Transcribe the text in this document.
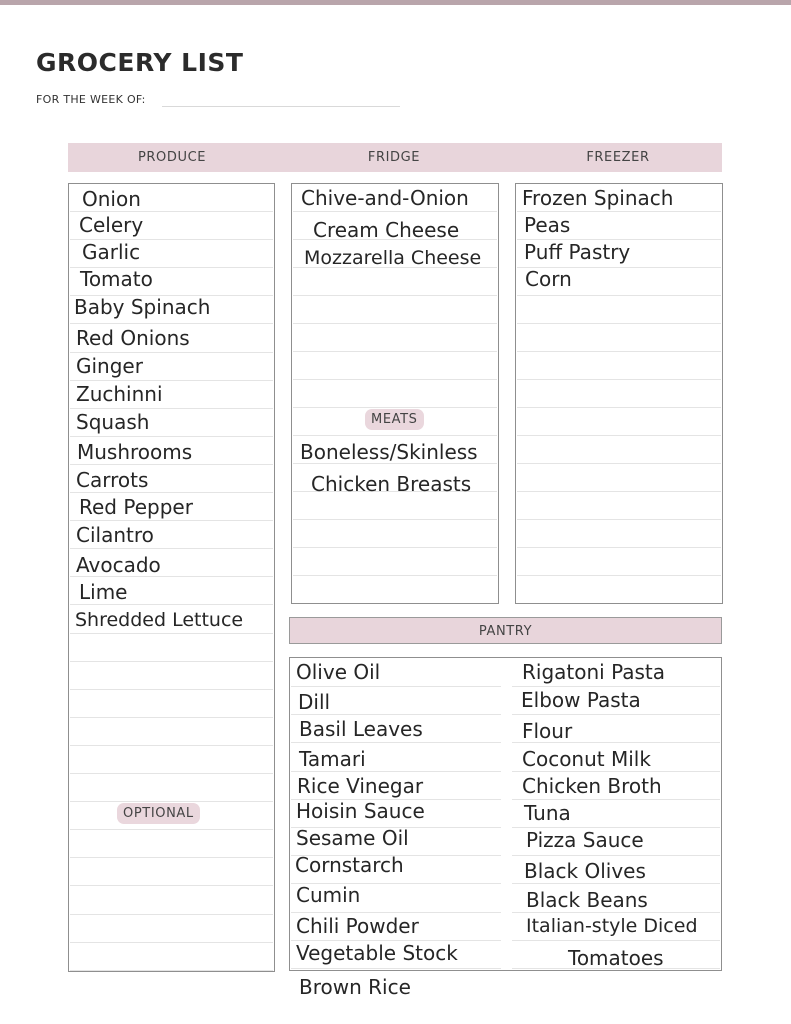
GROCERY LIST
FOR THE WEEK OF:
PRODUCE	FRIDGE	FREEZER
PANTRY
Onion
Celery
Garlic
Tomato
Baby Spinach
Red Onions
Ginger
Zuchinni
Squash
Mushrooms
Carrots
Red Pepper
Cilantro
Avocado
Lime
Shredded Lettuce
OPTIONAL
Chive-and-Onion
Cream Cheese
Mozzarella Cheese
MEATS
Boneless/Skinless
Chicken Breasts
Frozen Spinach
Peas
Puff Pastry
Corn
Olive Oil
Dill
Basil Leaves
Tamari
Rice Vinegar
Hoisin Sauce
Sesame Oil
Cornstarch
Cumin
Chili Powder
Vegetable Stock
Brown Rice
Rigatoni Pasta
Elbow Pasta
Flour
Coconut Milk
Chicken Broth
Tuna
Pizza Sauce
Black Olives
Black Beans
Italian-style Diced
Tomatoes
